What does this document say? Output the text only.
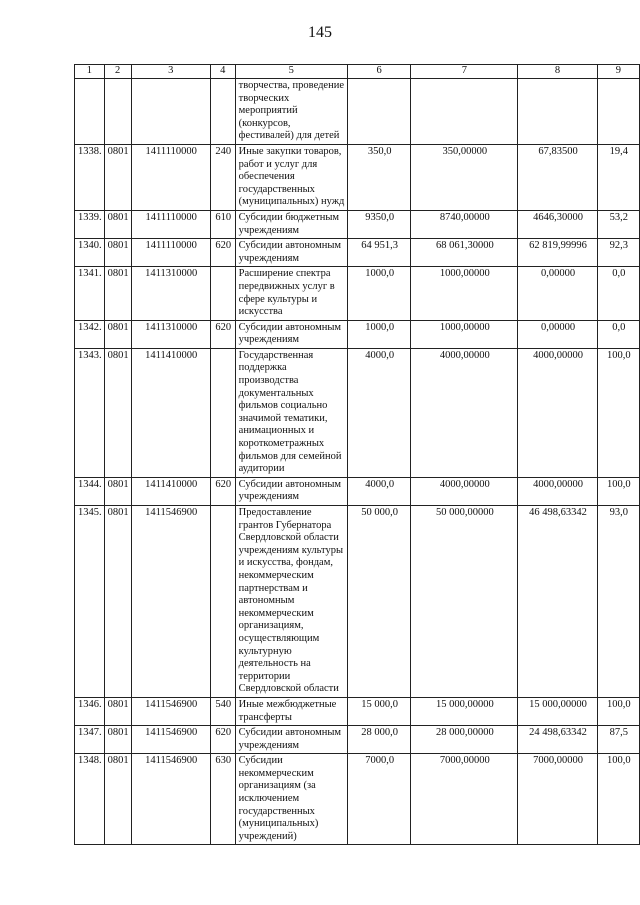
145
1	2	3	4	5	6	7	8	9
				творчества, проведение творческих мероприятий (конкурсов, фестивалей) для детей				
1338.	0801	1411110000	240	Иные закупки товаров, работ и услуг для обеспечения государственных (муниципальных) нужд	350,0	350,00000	67,83500	19,4
1339.	0801	1411110000	610	Субсидии бюджетным учреждениям	9350,0	8740,00000	4646,30000	53,2
1340.	0801	1411110000	620	Субсидии автономным учреждениям	64 951,3	68 061,30000	62 819,99996	92,3
1341.	0801	1411310000		Расширение спектра передвижных услуг в сфере культуры и искусства	1000,0	1000,00000	0,00000	0,0
1342.	0801	1411310000	620	Субсидии автономным учреждениям	1000,0	1000,00000	0,00000	0,0
1343.	0801	1411410000		Государственная поддержка производства документальных фильмов социально значимой тематики, анимационных и короткометражных фильмов для семейной аудитории	4000,0	4000,00000	4000,00000	100,0
1344.	0801	1411410000	620	Субсидии автономным учреждениям	4000,0	4000,00000	4000,00000	100,0
1345.	0801	1411546900		Предоставление грантов Губернатора Свердловской области учреждениям культуры и искусства, фондам, некоммерческим партнерствам и автономным некоммерческим организациям, осуществляющим культурную деятельность на территории Свердловской области	50 000,0	50 000,00000	46 498,63342	93,0
1346.	0801	1411546900	540	Иные межбюджетные трансферты	15 000,0	15 000,00000	15 000,00000	100,0
1347.	0801	1411546900	620	Субсидии автономным учреждениям	28 000,0	28 000,00000	24 498,63342	87,5
1348.	0801	1411546900	630	Субсидии некоммерческим организациям (за исключением государственных (муниципальных) учреждений)	7000,0	7000,00000	7000,00000	100,0
